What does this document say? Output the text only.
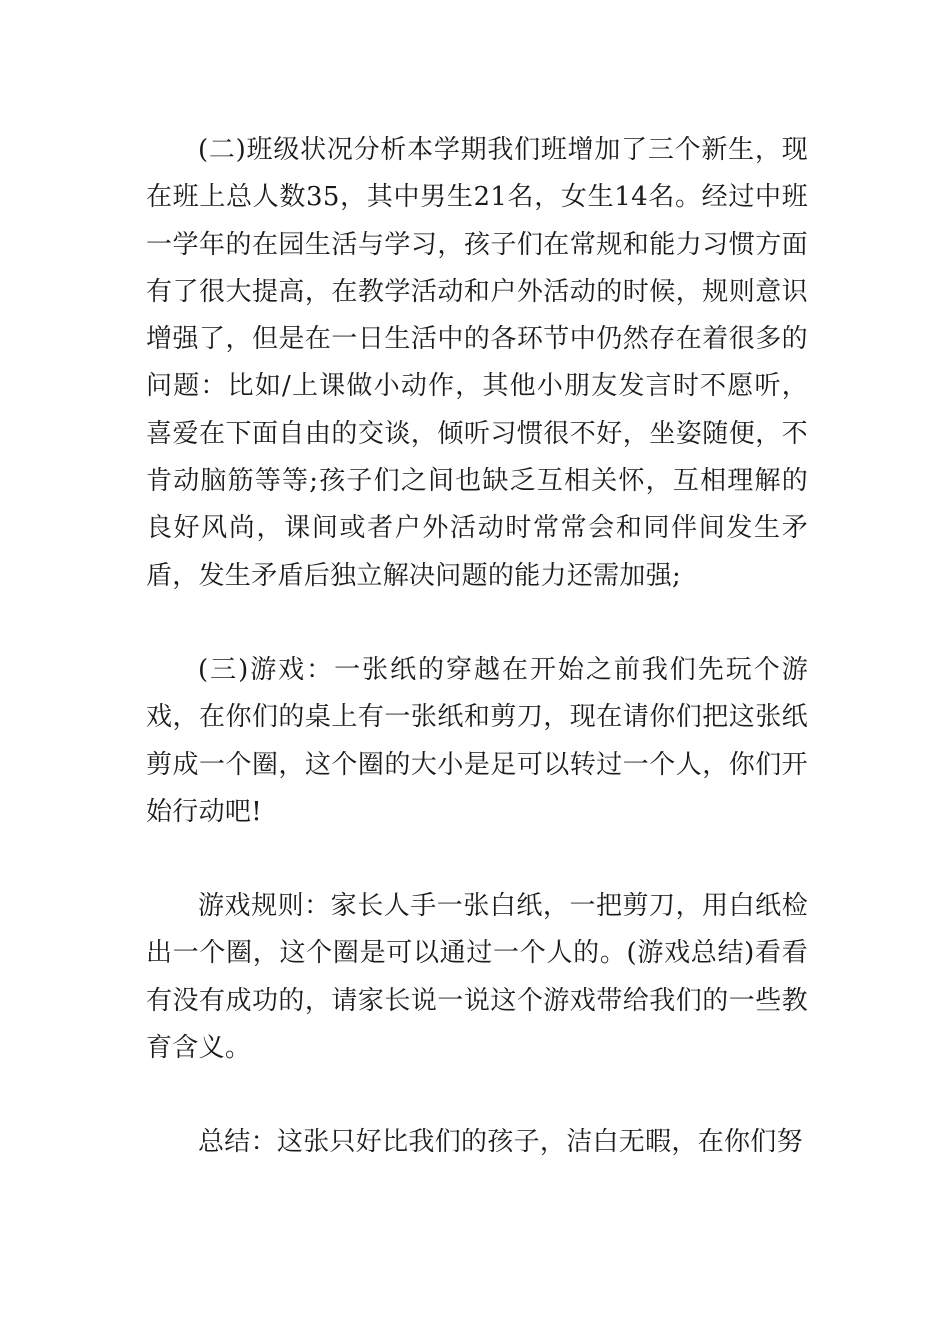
(二)班级状况分析本学期我们班增加了三个新生，现在班上总人数35，其中男生21名，女生14名。经过中班一学年的在园生活与学习，孩子们在常规和能力习惯方面有了很大提高，在教学活动和户外活动的时候，规则意识增强了，但是在一日生活中的各环节中仍然存在着很多的问题：比如/上课做小动作，其他小朋友发言时不愿听，喜爱在下面自由的交谈，倾听习惯很不好，坐姿随便，不肯动脑筋等等;孩子们之间也缺乏互相关怀，互相理解的良好风尚，课间或者户外活动时常常会和同伴间发生矛盾，发生矛盾后独立解决问题的能力还需加强;

(三)游戏：一张纸的穿越在开始之前我们先玩个游戏，在你们的桌上有一张纸和剪刀，现在请你们把这张纸剪成一个圈，这个圈的大小是足可以转过一个人，你们开始行动吧!

游戏规则：家长人手一张白纸，一把剪刀，用白纸检出一个圈，这个圈是可以通过一个人的。(游戏总结)看看有没有成功的，请家长说一说这个游戏带给我们的一些教育含义。

总结：这张只好比我们的孩子，洁白无暇，在你们努
